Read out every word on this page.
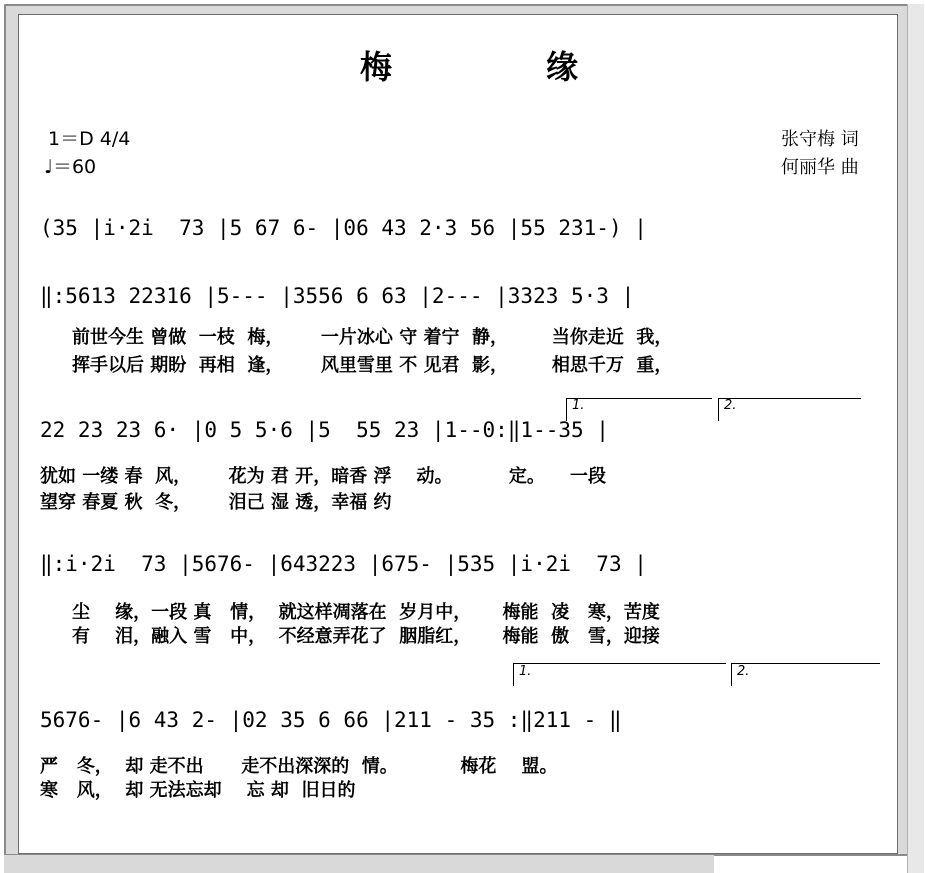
梅	缘
1＝D 4/4
♩＝60
张守梅 词
何丽华 曲
(35 |i·2i  73 |5 67 6- |06 43 2·3 56 |55 231-) |
‖:5613 22316 |5--- |3556 6 63 |2--- |3323 5·3 |
前世今生 曾做  一枝  梅，      一片冰心 守 着宁  静，       当你走近  我，
挥手以后 期盼  再相  逢，      风里雪里 不 见君  影，       相思千万  重，
1.	2.
22 23 23 6· |0 5 5·6 |5  55 23 |1--0:‖1--35 |
犹如 一缕 春  风，      花为 君 开，暗香 浮    动。         定。    一段
望穿 春夏 秋  冬，      泪己 湿 透，幸福 约
‖:i·2i  73 |5676- |643223 |675- |535 |i·2i  73 |
尘    缘，一段 真   情，  就这样凋落在  岁月中，     梅能  凌   寒，苦度
有    泪，融入 雪   中，  不经意弄花了  胭脂红，     梅能  傲   雪，迎接
1.	2.
5676- |6 43 2- |02 35 6 66 |211 - 35 :‖211 - ‖
严   冬，  却 走不出      走不出深深的  情。          梅花    盟。
寒   风，  却 无法忘却    忘 却  旧日的
